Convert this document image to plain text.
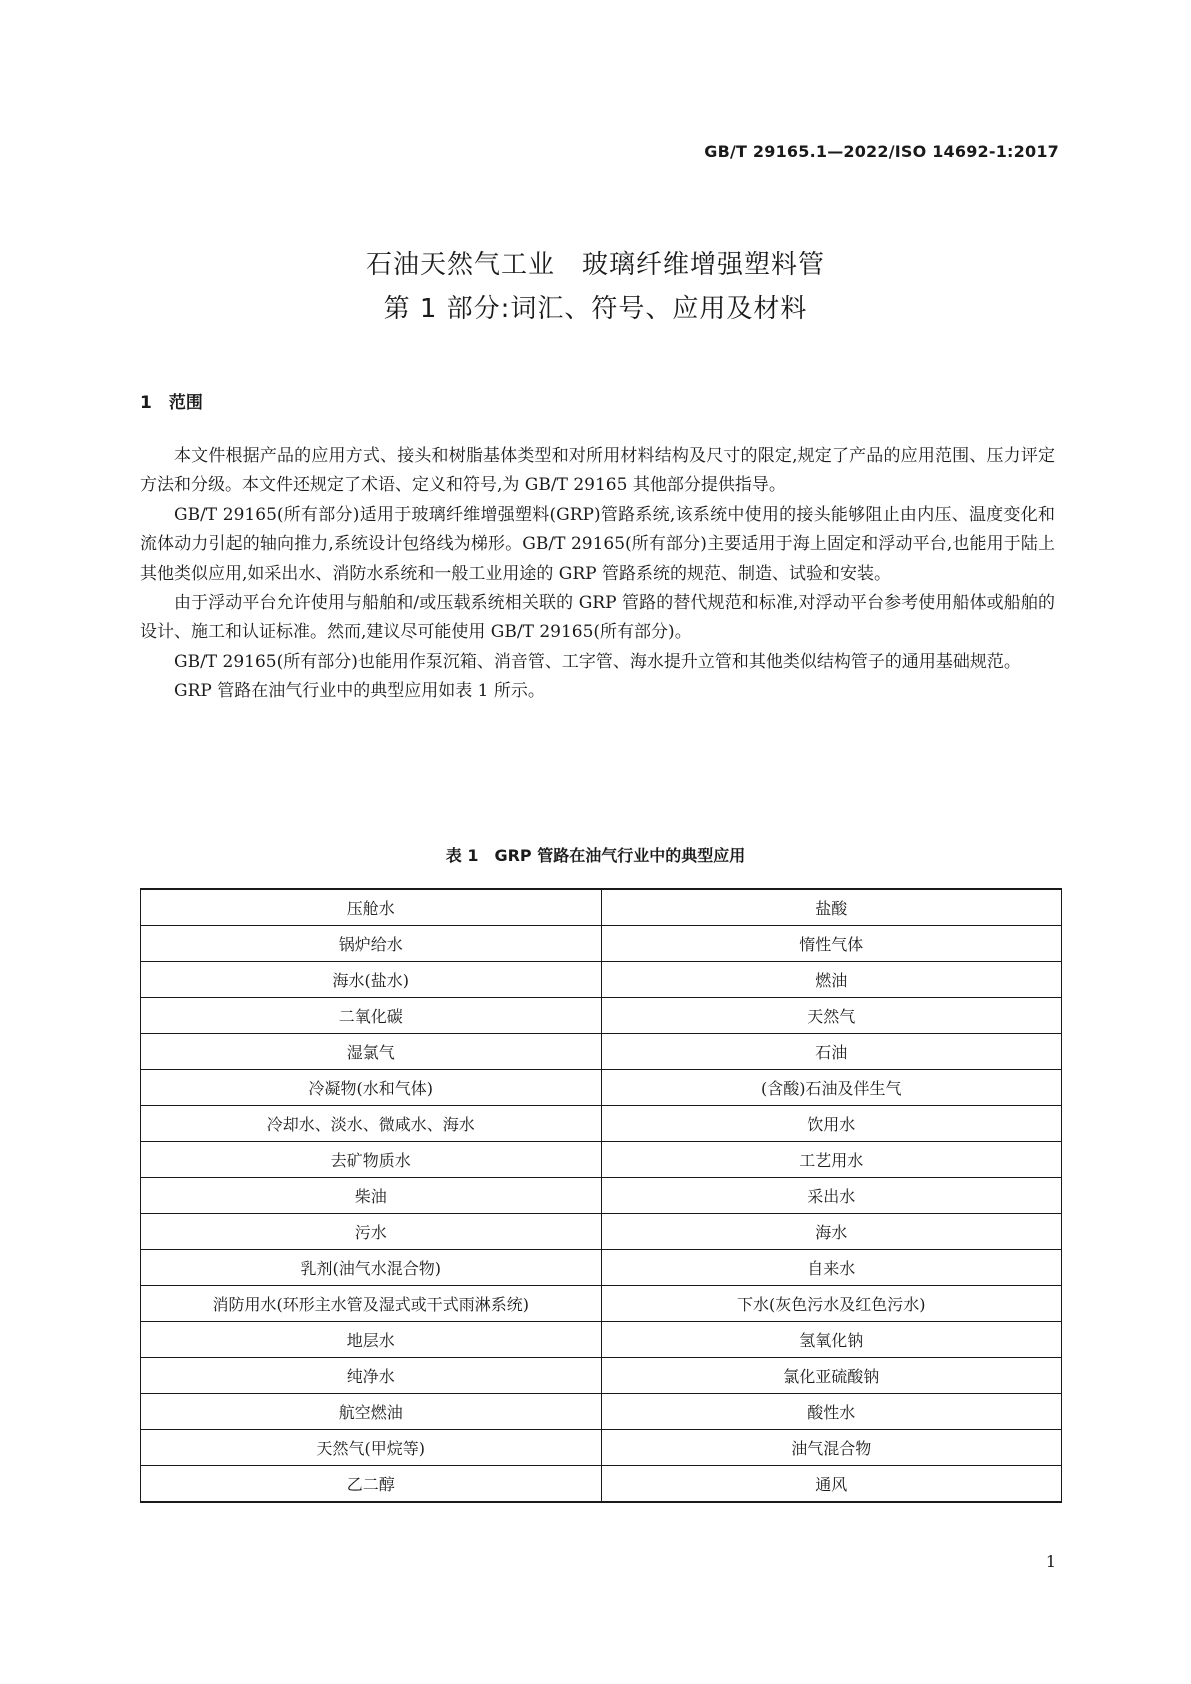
GB/T 29165.1—2022/ISO 14692-1:2017
石油天然气工业　玻璃纤维增强塑料管
第 1 部分:词汇、符号、应用及材料
1　范围

本文件根据产品的应用方式、接头和树脂基体类型和对所用材料结构及尺寸的限定,规定了产品的应用范围、压力评定方法和分级。本文件还规定了术语、定义和符号,为 GB/T 29165 其他部分提供指导。

GB/T 29165(所有部分)适用于玻璃纤维增强塑料(GRP)管路系统,该系统中使用的接头能够阻止由内压、温度变化和流体动力引起的轴向推力,系统设计包络线为梯形。GB/T 29165(所有部分)主要适用于海上固定和浮动平台,也能用于陆上其他类似应用,如采出水、消防水系统和一般工业用途的 GRP 管路系统的规范、制造、试验和安装。

由于浮动平台允许使用与船舶和/或压载系统相关联的 GRP 管路的替代规范和标准,对浮动平台参考使用船体或船舶的设计、施工和认证标准。然而,建议尽可能使用 GB/T 29165(所有部分)。

GB/T 29165(所有部分)也能用作泵沉箱、消音管、工字管、海水提升立管和其他类似结构管子的通用基础规范。

GRP 管路在油气行业中的典型应用如表 1 所示。

表 1　GRP 管路在油气行业中的典型应用
压舱水	盐酸
锅炉给水	惰性气体
海水(盐水)	燃油
二氧化碳	天然气
湿氯气	石油
冷凝物(水和气体)	(含酸)石油及伴生气
冷却水、淡水、微咸水、海水	饮用水
去矿物质水	工艺用水
柴油	采出水
污水	海水
乳剂(油气水混合物)	自来水
消防用水(环形主水管及湿式或干式雨淋系统)	下水(灰色污水及红色污水)
地层水	氢氧化钠
纯净水	氯化亚硫酸钠
航空燃油	酸性水
天然气(甲烷等)	油气混合物
乙二醇	通风
1
